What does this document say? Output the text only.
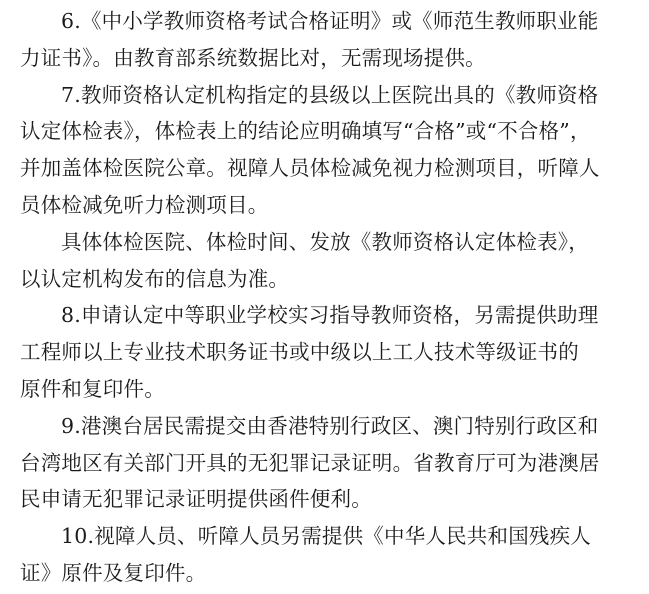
6.《中小学教师资格考试合格证明》或《师范生教师职业能
力证书》。由教育部系统数据比对，无需现场提供。
7.教师资格认定机构指定的县级以上医院出具的《教师资格
认定体检表》，体检表上的结论应明确填写“合格”或“不合格”，
并加盖体检医院公章。视障人员体检减免视力检测项目，听障人
员体检减免听力检测项目。
具体体检医院、体检时间、发放《教师资格认定体检表》，
以认定机构发布的信息为准。
8.申请认定中等职业学校实习指导教师资格，另需提供助理
工程师以上专业技术职务证书或中级以上工人技术等级证书的
原件和复印件。
9.港澳台居民需提交由香港特别行政区、澳门特别行政区和
台湾地区有关部门开具的无犯罪记录证明。省教育厅可为港澳居
民申请无犯罪记录证明提供函件便利。
10.视障人员、听障人员另需提供《中华人民共和国残疾人
证》原件及复印件。
